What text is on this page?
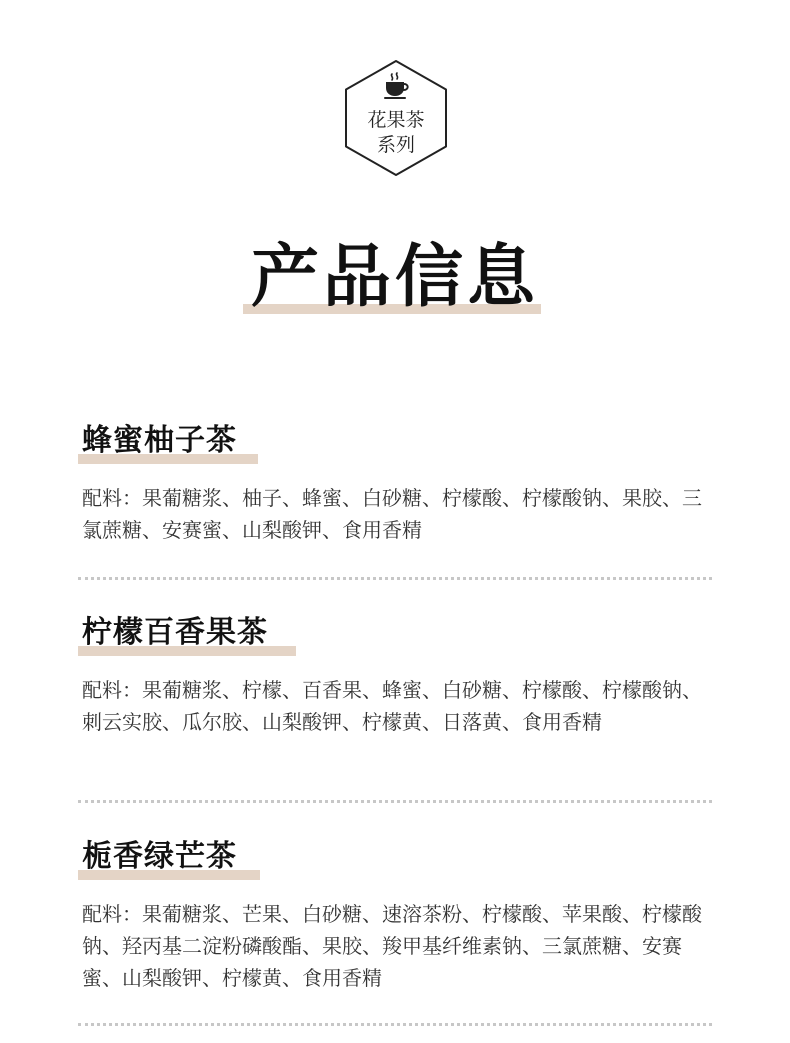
花果茶
系列
产品信息
蜂蜜柚子茶
配料：果葡糖浆、柚子、蜂蜜、白砂糖、柠檬酸、柠檬酸钠、果胶、三氯蔗糖、安赛蜜、山梨酸钾、食用香精
柠檬百香果茶
配料：果葡糖浆、柠檬、百香果、蜂蜜、白砂糖、柠檬酸、柠檬酸钠、刺云实胶、瓜尔胶、山梨酸钾、柠檬黄、日落黄、食用香精
栀香绿芒茶
配料：果葡糖浆、芒果、白砂糖、速溶茶粉、柠檬酸、苹果酸、柠檬酸钠、羟丙基二淀粉磷酸酯、果胶、羧甲基纤维素钠、三氯蔗糖、安赛蜜、山梨酸钾、柠檬黄、食用香精
